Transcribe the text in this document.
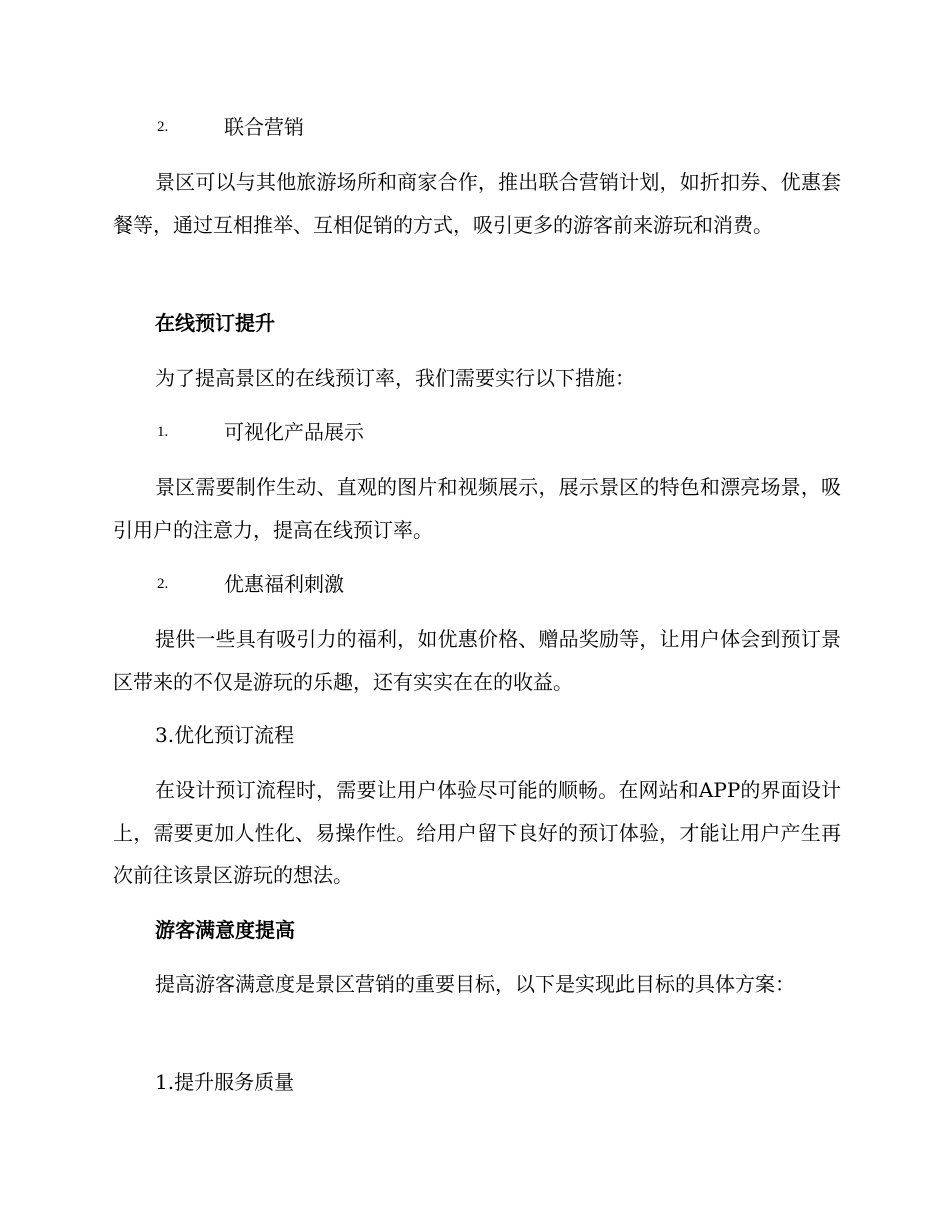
2.	联合营销
景区可以与其他旅游场所和商家合作，推出联合营销计划，如折扣券、优惠套餐等，通过互相推举、互相促销的方式，吸引更多的游客前来游玩和消费。
在线预订提升
为了提高景区的在线预订率，我们需要实行以下措施：
1.	可视化产品展示
景区需要制作生动、直观的图片和视频展示，展示景区的特色和漂亮场景，吸引用户的注意力，提高在线预订率。
2.	优惠福利刺激
提供一些具有吸引力的福利，如优惠价格、赠品奖励等，让用户体会到预订景区带来的不仅是游玩的乐趣，还有实实在在的收益。
3.优化预订流程
在设计预订流程时，需要让用户体验尽可能的顺畅。在网站和APP的界面设计上，需要更加人性化、易操作性。给用户留下良好的预订体验，才能让用户产生再次前往该景区游玩的想法。
游客满意度提高
提高游客满意度是景区营销的重要目标，以下是实现此目标的具体方案：
1.提升服务质量
